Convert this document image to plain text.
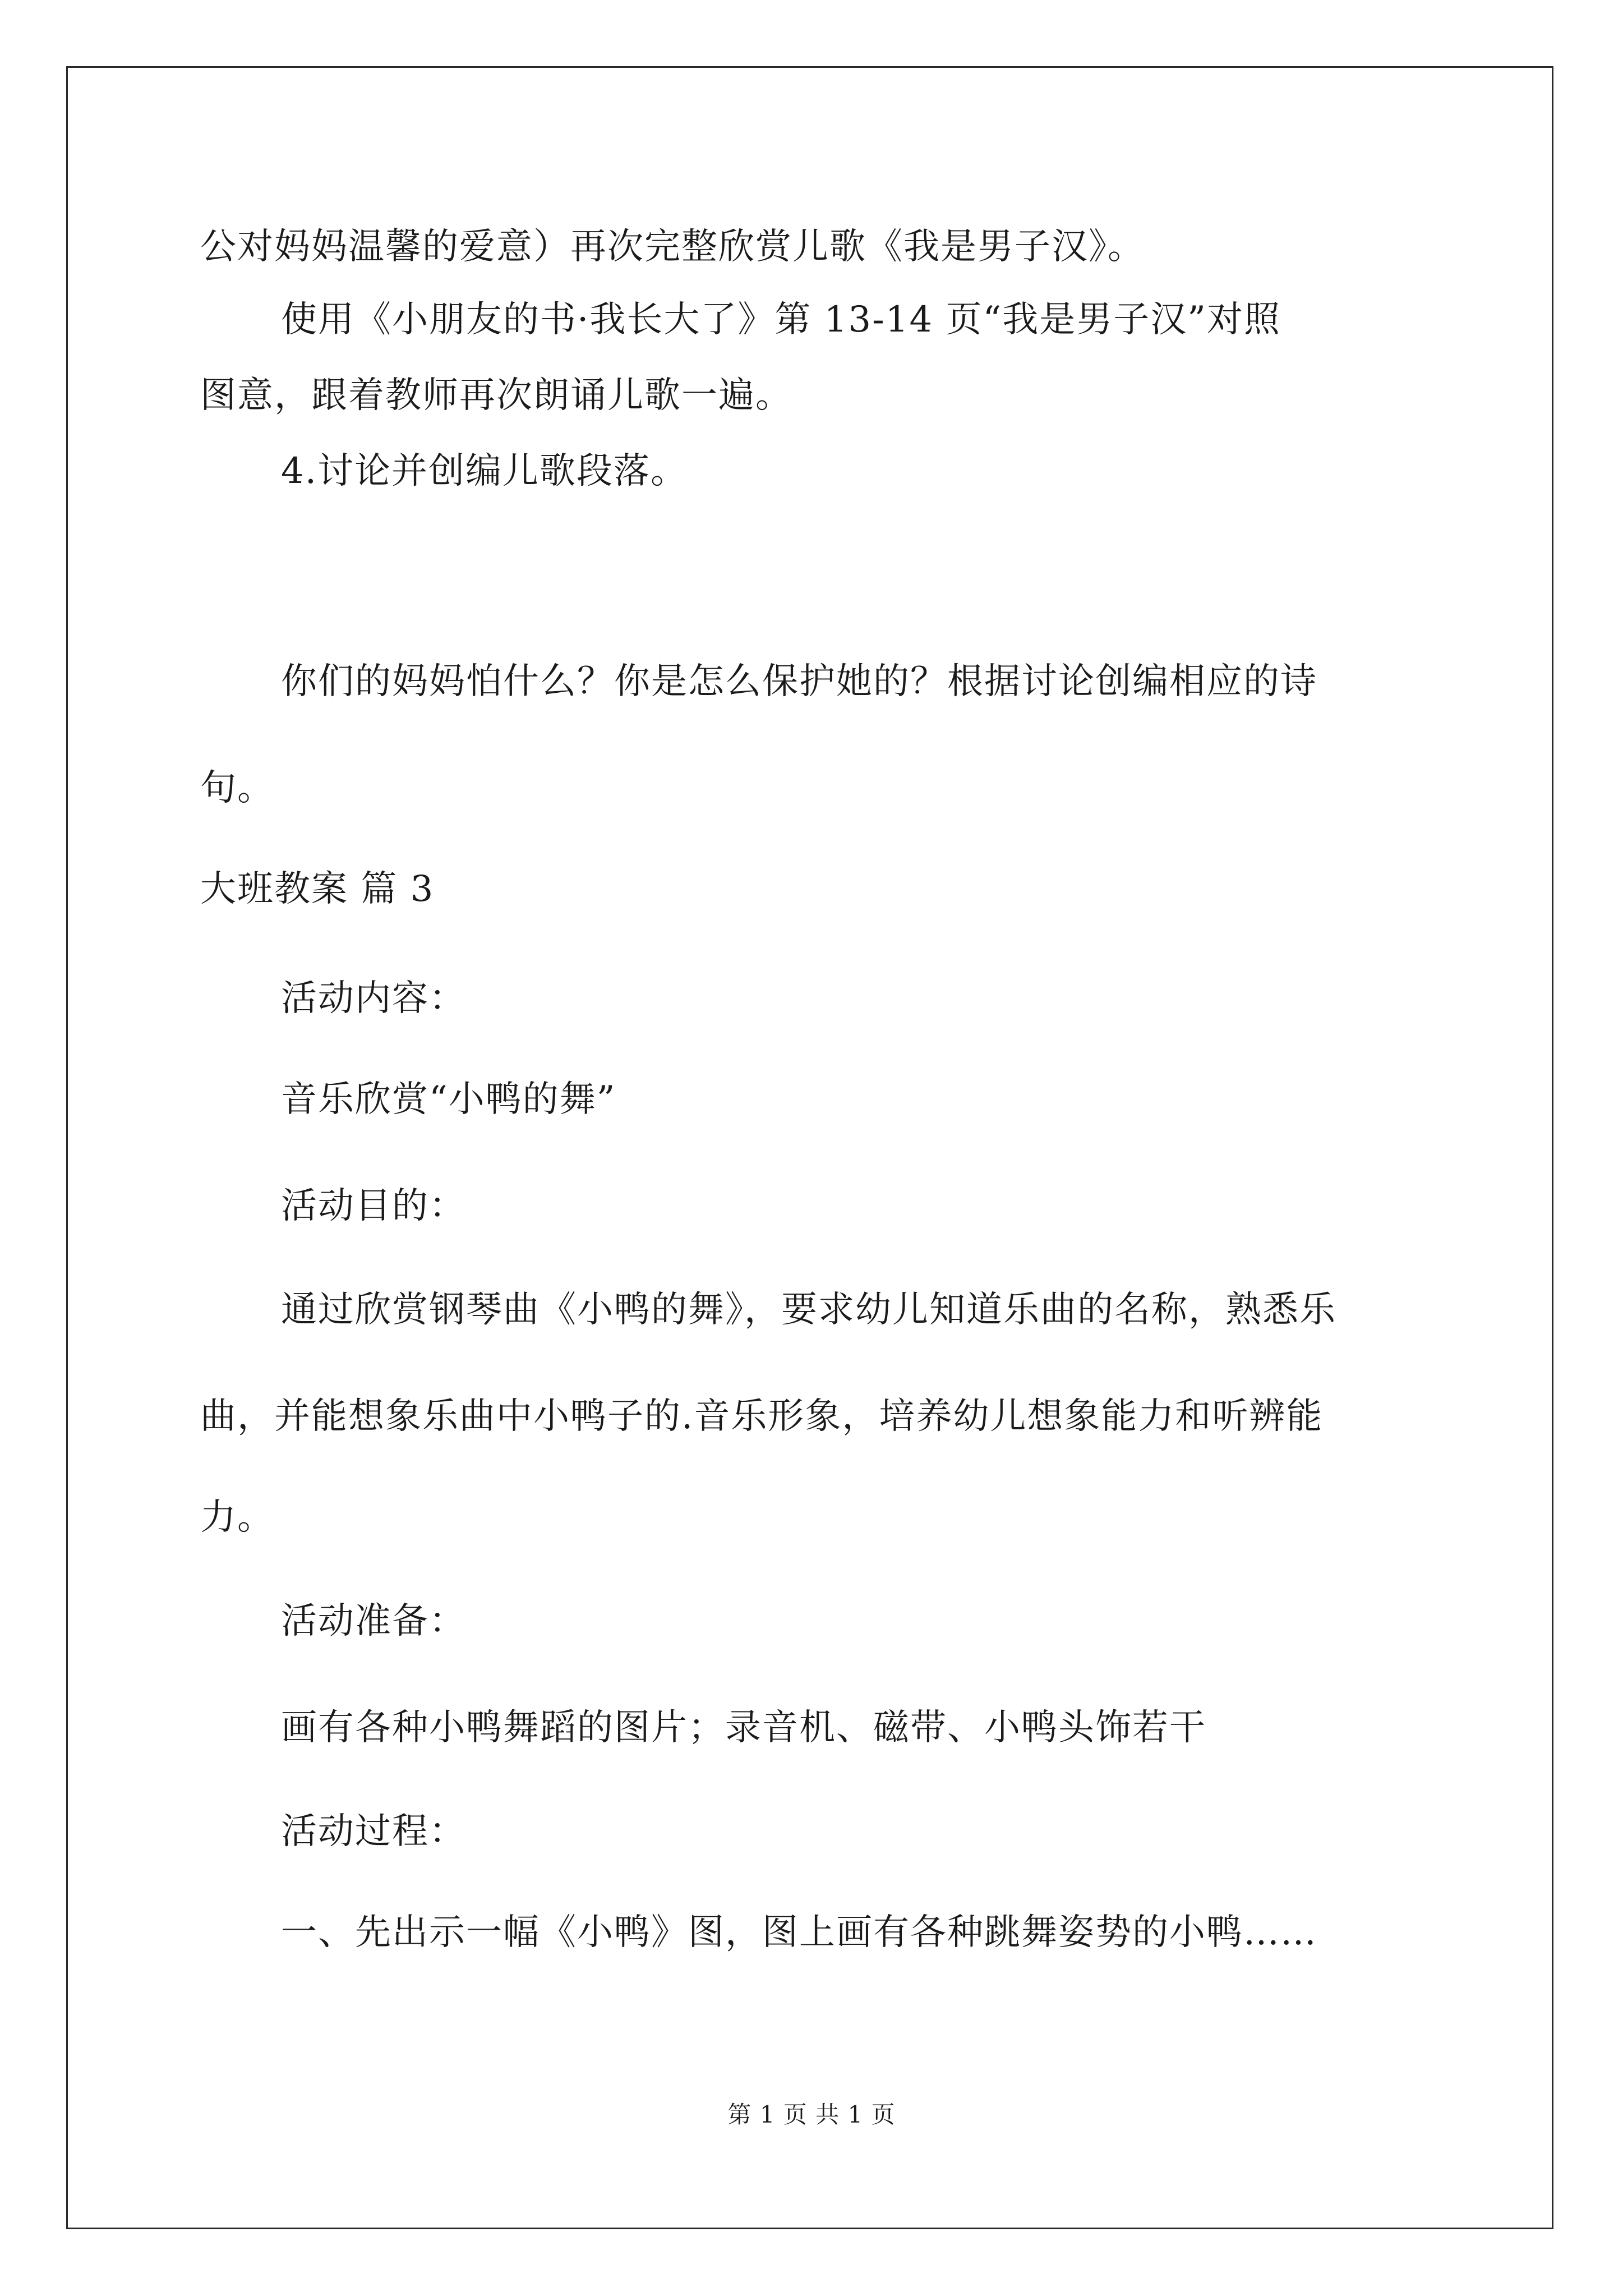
公对妈妈温馨的爱意）再次完整欣赏儿歌《我是男子汉》。
使用《小朋友的书·我长大了》第 13-14 页“我是男子汉”对照
图意，跟着教师再次朗诵儿歌一遍。
4.讨论并创编儿歌段落。
你们的妈妈怕什么？你是怎么保护她的？根据讨论创编相应的诗
句。
大班教案 篇 3
活动内容：
音乐欣赏“小鸭的舞”
活动目的：
通过欣赏钢琴曲《小鸭的舞》，要求幼儿知道乐曲的名称，熟悉乐
曲，并能想象乐曲中小鸭子的.音乐形象，培养幼儿想象能力和听辨能
力。
活动准备：
画有各种小鸭舞蹈的图片；录音机、磁带、小鸭头饰若干
活动过程：
一、先出示一幅《小鸭》图，图上画有各种跳舞姿势的小鸭……
第 1 页 共 1 页
